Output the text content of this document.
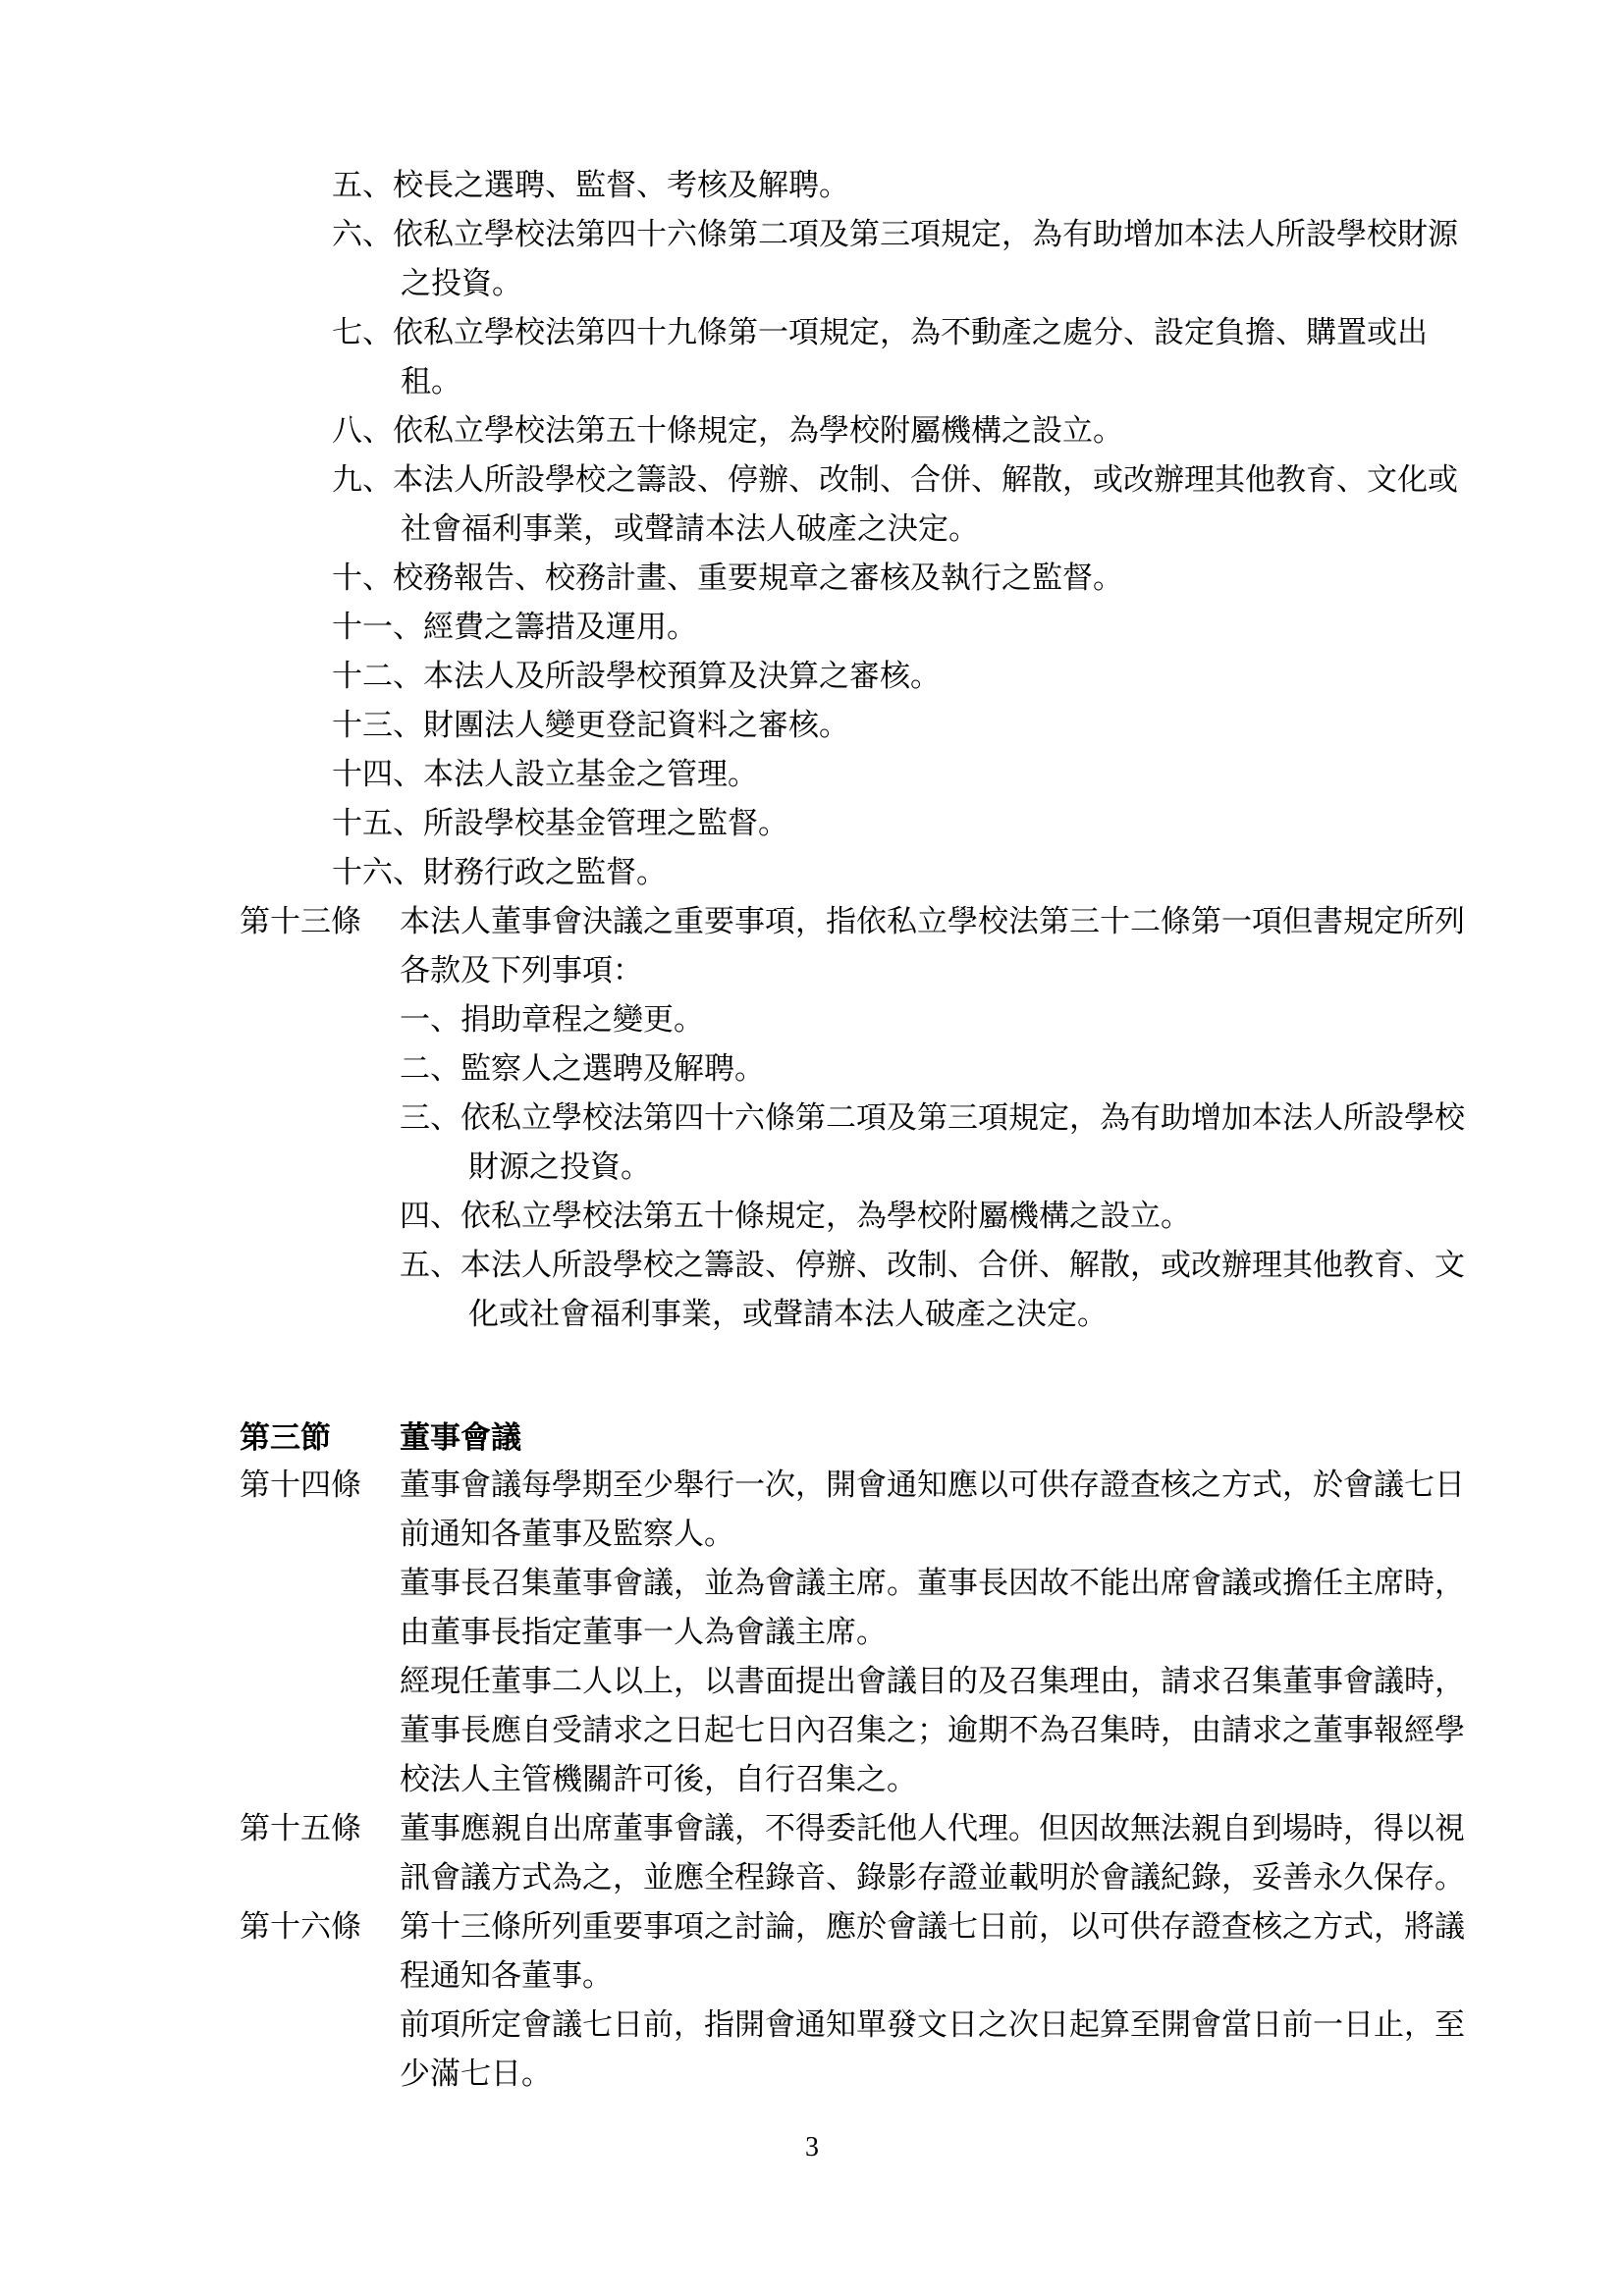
五、校長之選聘、監督、考核及解聘。
六、依私立學校法第四十六條第二項及第三項規定，為有助增加本法人所設學校財源之投資。
七、依私立學校法第四十九條第一項規定，為不動產之處分、設定負擔、購置或出租。
八、依私立學校法第五十條規定，為學校附屬機構之設立。
九、本法人所設學校之籌設、停辦、改制、合併、解散，或改辦理其他教育、文化或社會福利事業，或聲請本法人破產之決定。
十、校務報告、校務計畫、重要規章之審核及執行之監督。
十一、經費之籌措及運用。
十二、本法人及所設學校預算及決算之審核。
十三、財團法人變更登記資料之審核。
十四、本法人設立基金之管理。
十五、所設學校基金管理之監督。
十六、財務行政之監督。
第十三條	本法人董事會決議之重要事項，指依私立學校法第三十二條第一項但書規定所列各款及下列事項：
一、捐助章程之變更。
二、監察人之選聘及解聘。
三、依私立學校法第四十六條第二項及第三項規定，為有助增加本法人所設學校財源之投資。
四、依私立學校法第五十條規定，為學校附屬機構之設立。
五、本法人所設學校之籌設、停辦、改制、合併、解散，或改辦理其他教育、文化或社會福利事業，或聲請本法人破產之決定。
第三節 董事會議
第十四條	董事會議每學期至少舉行一次，開會通知應以可供存證查核之方式，於會議七日前通知各董事及監察人。
董事長召集董事會議，並為會議主席。董事長因故不能出席會議或擔任主席時，由董事長指定董事一人為會議主席。
經現任董事二人以上，以書面提出會議目的及召集理由，請求召集董事會議時，董事長應自受請求之日起七日內召集之；逾期不為召集時，由請求之董事報經學校法人主管機關許可後，自行召集之。
第十五條	董事應親自出席董事會議，不得委託他人代理。但因故無法親自到場時，得以視訊會議方式為之，並應全程錄音、錄影存證並載明於會議紀錄，妥善永久保存。
第十六條	第十三條所列重要事項之討論，應於會議七日前，以可供存證查核之方式，將議程通知各董事。
前項所定會議七日前，指開會通知單發文日之次日起算至開會當日前一日止，至少滿七日。
3
